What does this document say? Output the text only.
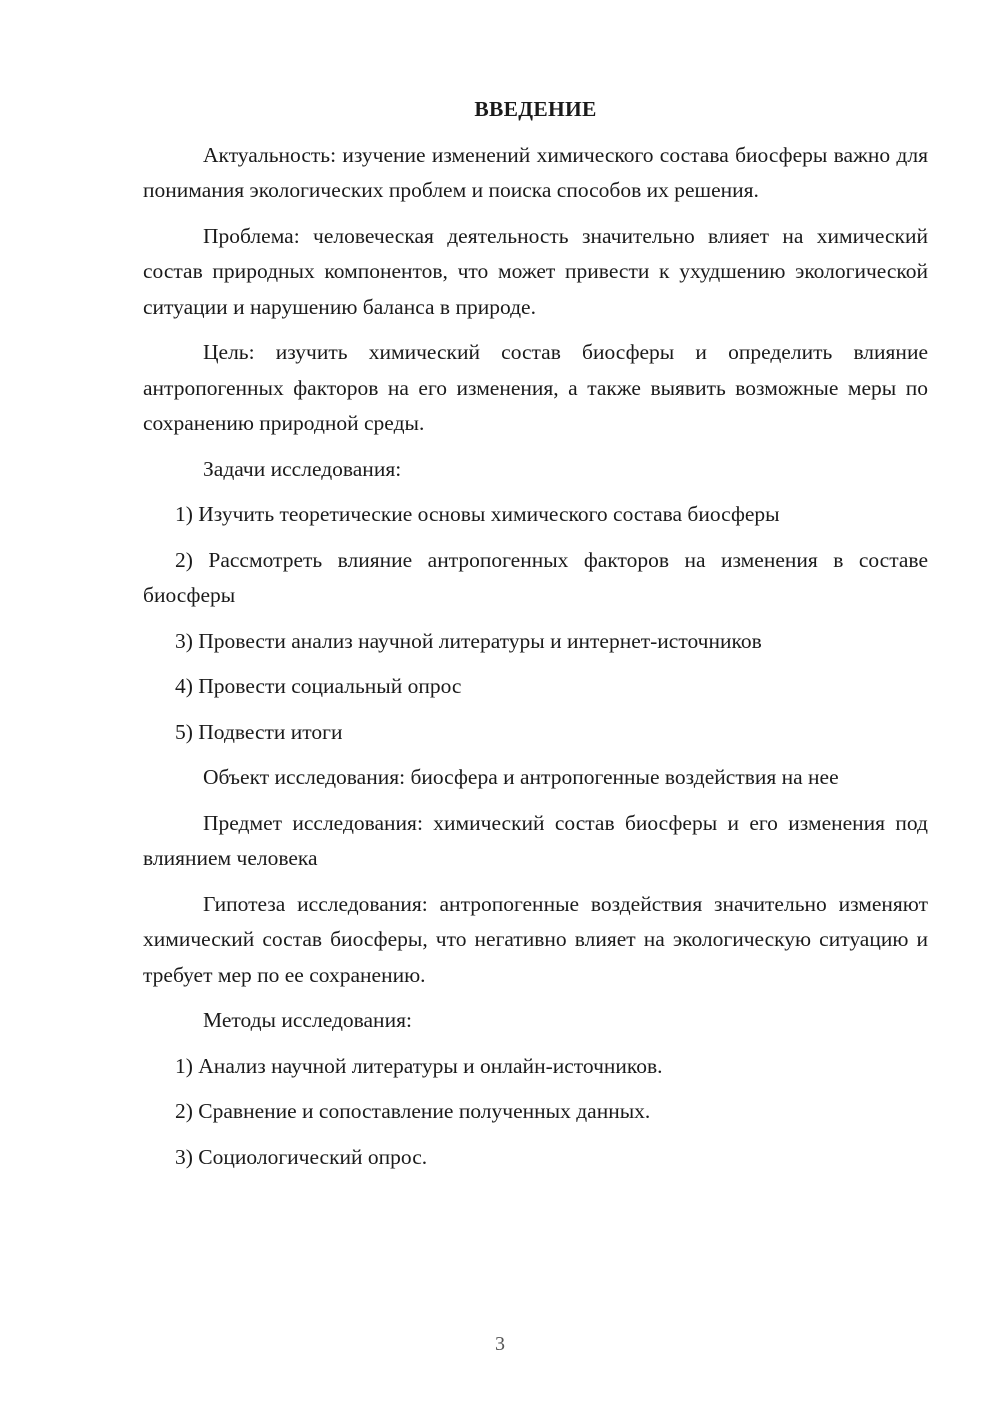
ВВЕДЕНИЕ

Актуальность: изучение изменений химического состава биосферы важно для понимания экологических проблем и поиска способов их решения.

Проблема: человеческая деятельность значительно влияет на химический состав природных компонентов, что может привести к ухудшению экологической ситуации и нарушению баланса в природе.

Цель: изучить химический состав биосферы и определить влияние антропогенных факторов на его изменения, а также выявить возможные меры по сохранению природной среды.

Задачи исследования:

1) Изучить теоретические основы химического состава биосферы

2) Рассмотреть влияние антропогенных факторов на изменения в составе биосферы

3) Провести анализ научной литературы и интернет-источников

4) Провести социальный опрос

5) Подвести итоги

Объект исследования: биосфера и антропогенные воздействия на нее

Предмет исследования: химический состав биосферы и его изменения под влиянием человека

Гипотеза исследования: антропогенные воздействия значительно изменяют химический состав биосферы, что негативно влияет на экологическую ситуацию и требует мер по ее сохранению.

Методы исследования:

1) Анализ научной литературы и онлайн-источников.

2) Сравнение и сопоставление полученных данных.

3) Социологический опрос.

3
